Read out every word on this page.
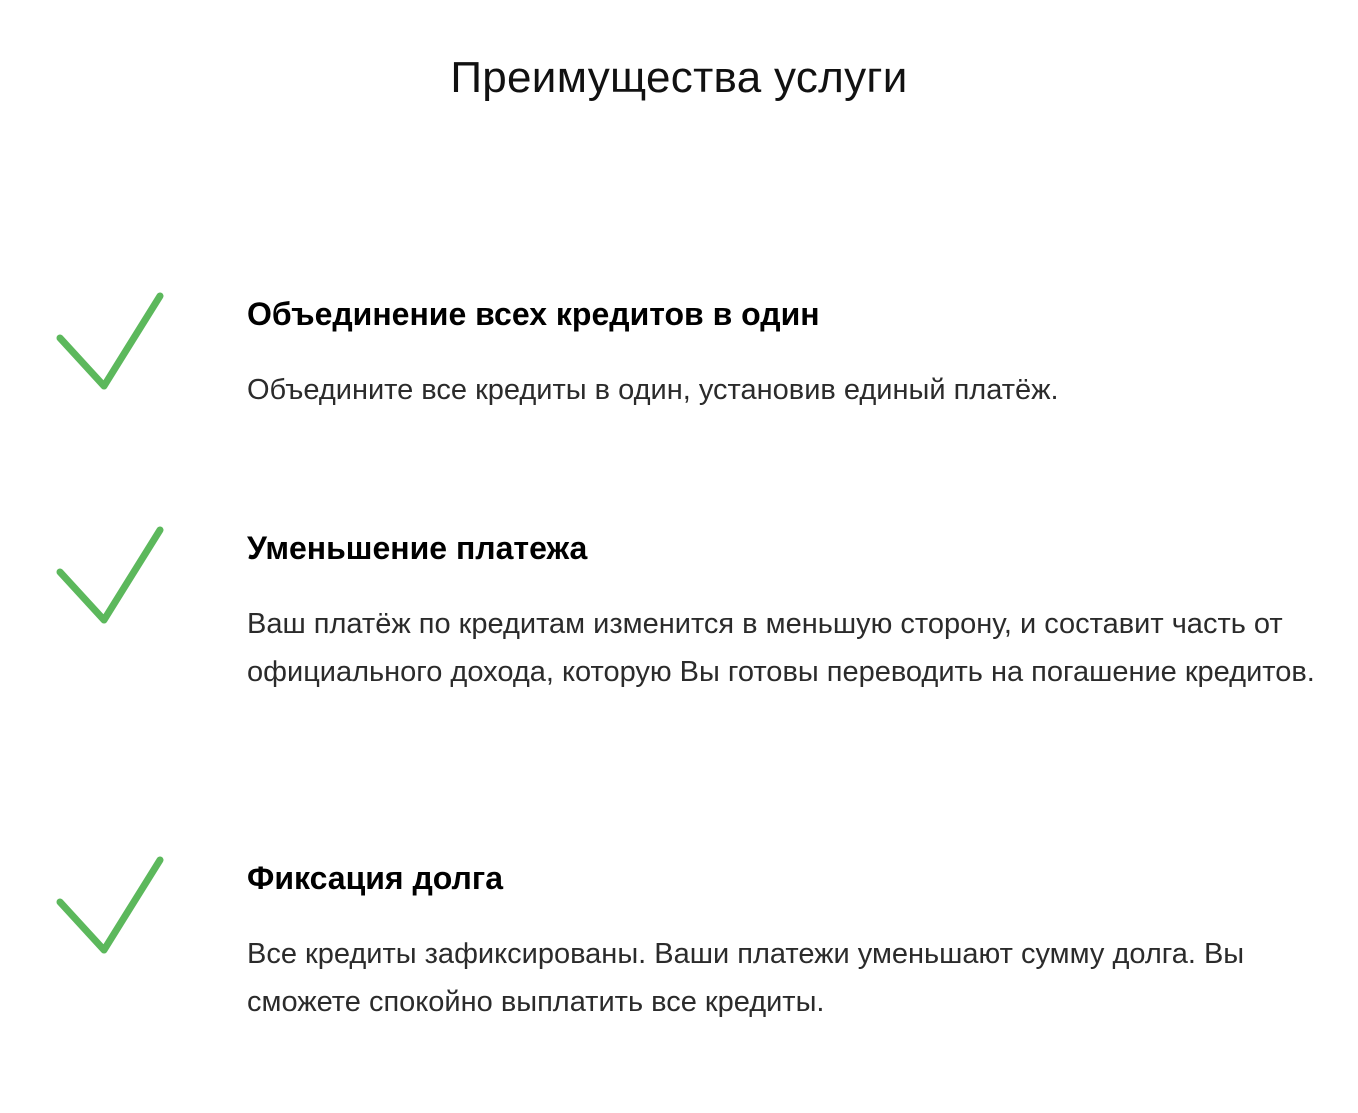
Преимущества услуги
Объединение всех кредитов в один

Объедините все кредиты в один, установив единый платёж.

Уменьшение платежа

Ваш платёж по кредитам изменится в меньшую сторону, и составит часть от официального дохода, которую Вы готовы переводить на погашение кредитов.

Фиксация долга

Все кредиты зафиксированы. Ваши платежи уменьшают сумму долга. Вы сможете спокойно выплатить все кредиты.
